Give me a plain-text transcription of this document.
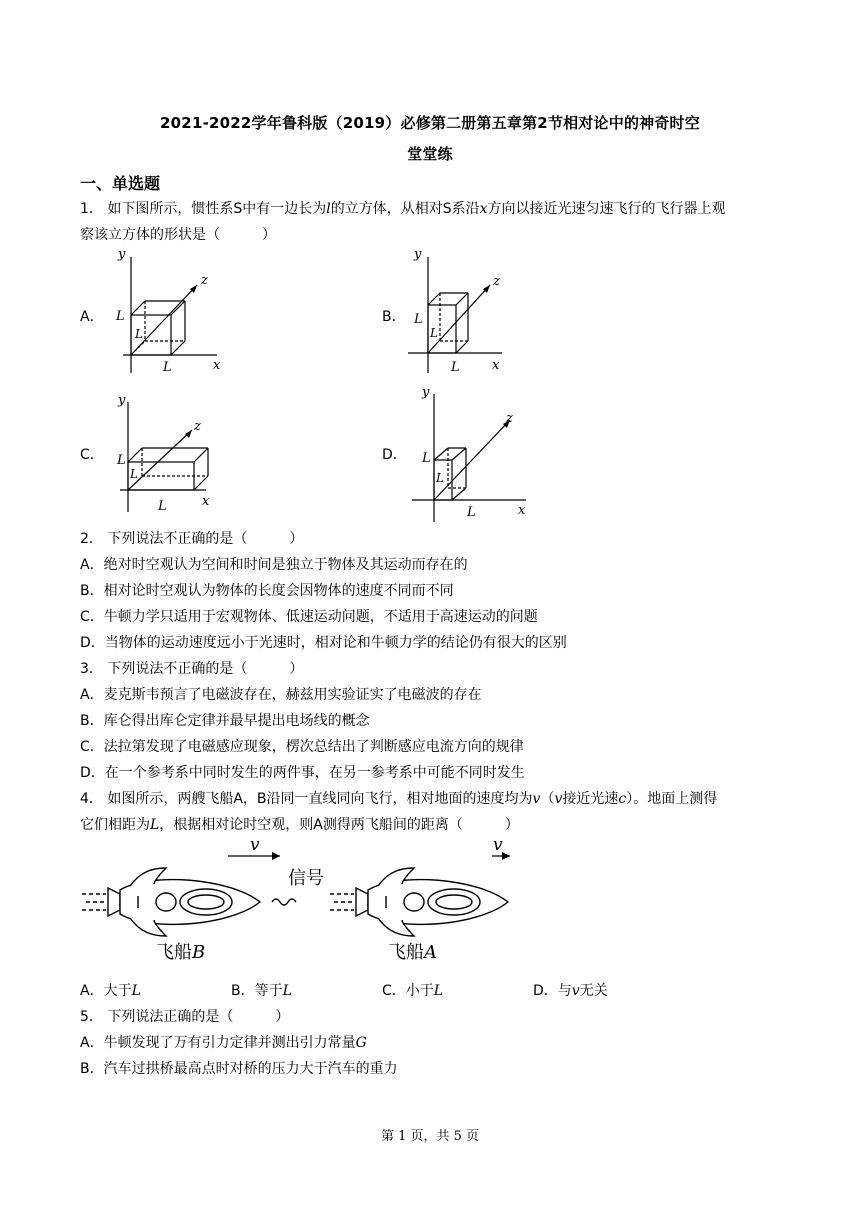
2021-2022学年鲁科版（2019）必修第二册第五章第2节相对论中的神奇时空
堂堂练
一、单选题
1． 如下图所示，惯性系S中有一边长为l的立方体，从相对S系沿x方向以接近光速匀速飞行的飞行器上观
察该立方体的形状是（　　　）
A．
y
z
x
L
L
L
B．
y
z
x
L
L
L
C．
y
z
x
L
L
L
D．
y
z
x
L
L
L
2． 下列说法不正确的是（　　　）
A．绝对时空观认为空间和时间是独立于物体及其运动而存在的
B．相对论时空观认为物体的长度会因物体的速度不同而不同
C．牛顿力学只适用于宏观物体、低速运动问题，不适用于高速运动的问题
D．当物体的运动速度远小于光速时，相对论和牛顿力学的结论仍有很大的区别
3． 下列说法不正确的是（　　　）
A．麦克斯韦预言了电磁波存在，赫兹用实验证实了电磁波的存在
B．库仑得出库仑定律并最早提出电场线的概念
C．法拉第发现了电磁感应现象，楞次总结出了判断感应电流方向的规律
D．在一个参考系中同时发生的两件事，在另一参考系中可能不同时发生
4． 如图所示，两艘飞船A，B沿同一直线同向飞行，相对地面的速度均为v（v接近光速c）。地面上测得
它们相距为L，根据相对论时空观，则A测得两飞船间的距离（　　　）
v	v
信号
飞船 B	飞船 A
A．大于L	B．等于L	C．小于L	D．与v无关
5． 下列说法正确的是（　　　）
A．牛顿发现了万有引力定律并测出引力常量G
B．汽车过拱桥最高点时对桥的压力大于汽车的重力
第 1 页，共 5 页
